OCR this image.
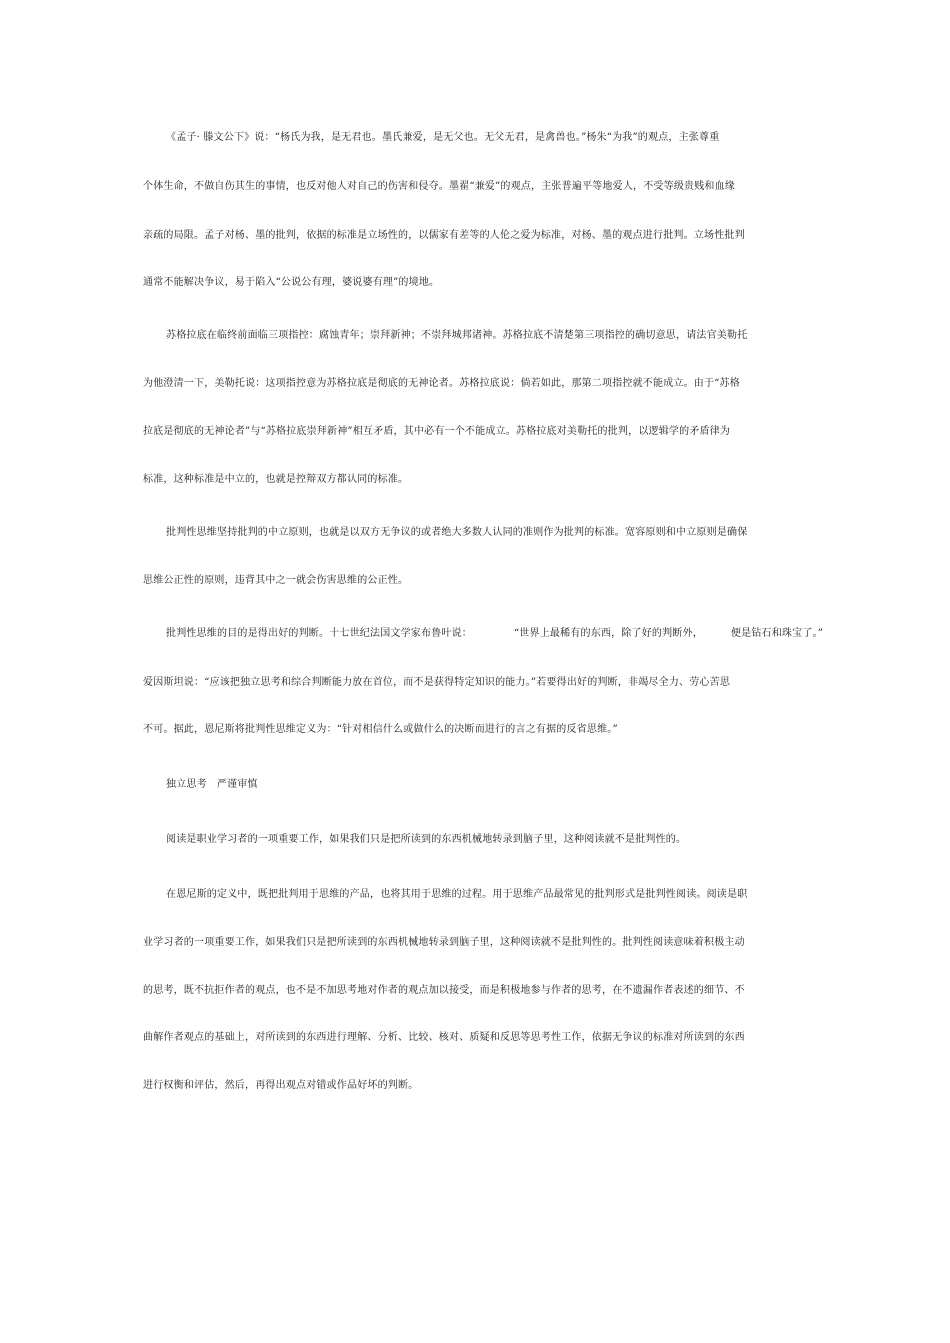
《孟子· 滕文公下》说：“杨氏为我，是无君也。墨氏兼爱，是无父也。无父无君，是禽兽也。”杨朱“为我”的观点，主张尊重
个体生命，不做自伤其生的事情，也反对他人对自己的伤害和侵夺。墨翟“兼爱”的观点，主张普遍平等地爱人，不受等级贵贱和血缘
亲疏的局限。孟子对杨、墨的批判，依据的标准是立场性的，以儒家有差等的人伦之爱为标准，对杨、墨的观点进行批判。立场性批判
通常不能解决争议，易于陷入“公说公有理，婆说婆有理”的境地。
苏格拉底在临终前面临三项指控：腐蚀青年；崇拜新神；不崇拜城邦诸神。苏格拉底不清楚第三项指控的确切意思，请法官美勒托
为他澄清一下，美勒托说：这项指控意为苏格拉底是彻底的无神论者。苏格拉底说：倘若如此，那第二项指控就不能成立。由于“苏格
拉底是彻底的无神论者”与“苏格拉底崇拜新神”相互矛盾，其中必有一个不能成立。苏格拉底对美勒托的批判，以逻辑学的矛盾律为
标准，这种标准是中立的，也就是控辩双方都认同的标准。
批判性思维坚持批判的中立原则，也就是以双方无争议的或者绝大多数人认同的准则作为批判的标准。宽容原则和中立原则是确保
思维公正性的原则，违背其中之一就会伤害思维的公正性。
批判性思维的目的是得出好的判断。十七世纪法国文学家布鲁叶说：	“世界上最稀有的东西，除了好的判断外，	便是钻石和珠宝了。”
爱因斯坦说：“应该把独立思考和综合判断能力放在首位，而不是获得特定知识的能力。”若要得出好的判断，非竭尽全力、劳心苦思
不可。据此，恩尼斯将批判性思维定义为：“针对相信什么或做什么的决断而进行的言之有据的反省思维。”
独立思考 严谨审慎
阅读是职业学习者的一项重要工作，如果我们只是把所读到的东西机械地转录到脑子里，这种阅读就不是批判性的。
在恩尼斯的定义中，既把批判用于思维的产品，也将其用于思维的过程。用于思维产品最常见的批判形式是批判性阅读。阅读是职
业学习者的一项重要工作，如果我们只是把所读到的东西机械地转录到脑子里，这种阅读就不是批判性的。批判性阅读意味着积极主动
的思考，既不抗拒作者的观点，也不是不加思考地对作者的观点加以接受，而是积极地参与作者的思考，在不遗漏作者表述的细节、不
曲解作者观点的基础上，对所读到的东西进行理解、分析、比较、核对、质疑和反思等思考性工作，依据无争议的标准对所读到的东西
进行权衡和评估，然后，再得出观点对错或作品好坏的判断。
